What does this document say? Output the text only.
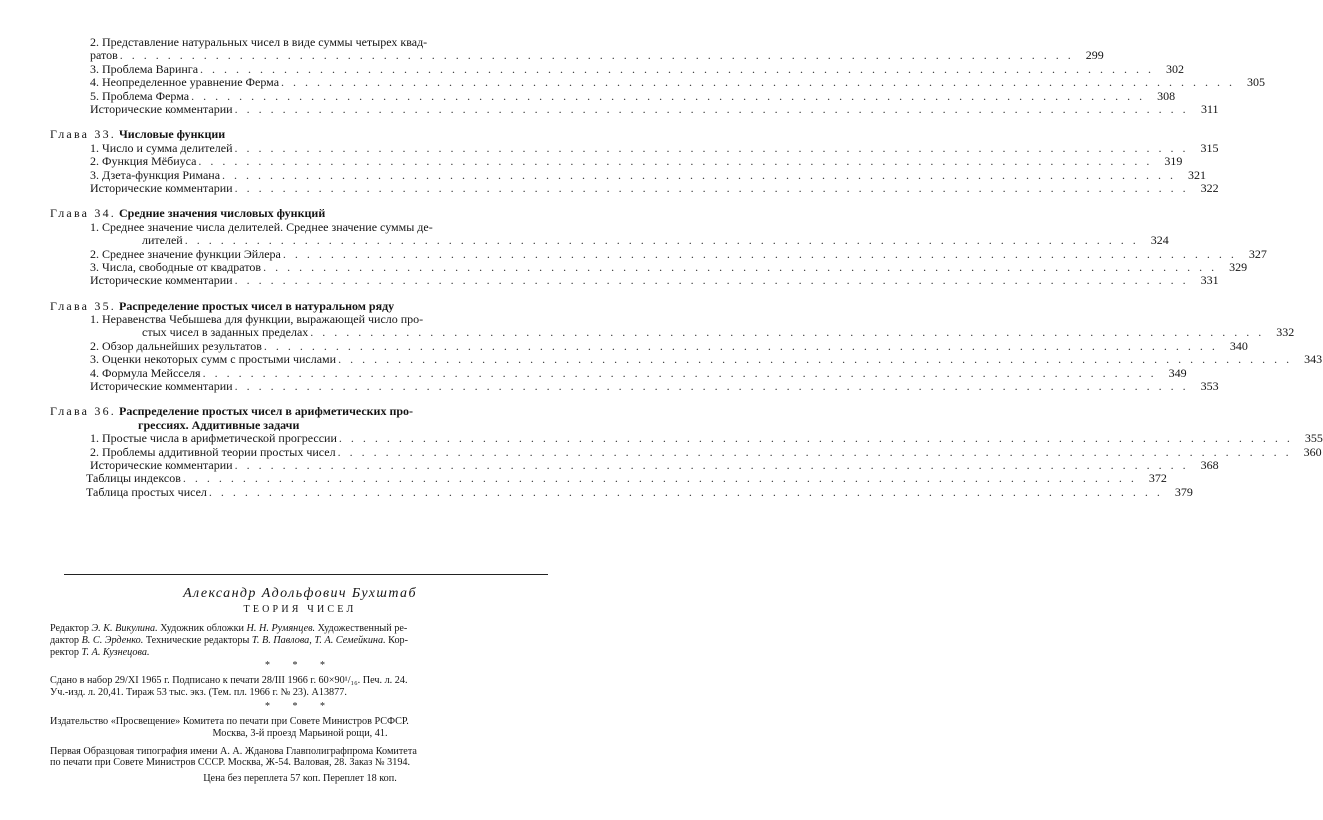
2. Представление натуральных чисел в виде суммы четырех квад-
ратов . . . . . . . . . . . . . . . . . . . . . . . . . . . . . . . . . . . . . . . . . . . . . . . . . . . . . . . . . . . . . . . . . . . . . . . . . . . . . . . .	299
3. Проблема Варинга . . . . . . . . . . . . . . . . . . . . . . . . . . . . . . . . . . . . . . . . . . . . . . . . . . . . . . . . . . . . . . . . . . . . . . . . . . . . . . . .	302
4. Неопределенное уравнение Ферма . . . . . . . . . . . . . . . . . . . . . . . . . . . . . . . . . . . . . . . . . . . . . . . . . . . . . . . . . . . . . . . . . . . . . . . . . . . . . . . .	305
5. Проблема Ферма . . . . . . . . . . . . . . . . . . . . . . . . . . . . . . . . . . . . . . . . . . . . . . . . . . . . . . . . . . . . . . . . . . . . . . . . . . . . . . . .	308
Исторические комментарии . . . . . . . . . . . . . . . . . . . . . . . . . . . . . . . . . . . . . . . . . . . . . . . . . . . . . . . . . . . . . . . . . . . . . . . . . . . . . . . .	311
Глава 33. Числовые функции
1. Число и сумма делителей . . . . . . . . . . . . . . . . . . . . . . . . . . . . . . . . . . . . . . . . . . . . . . . . . . . . . . . . . . . . . . . . . . . . . . . . . . . . . . . .	315
2. Функция Мёбиуса . . . . . . . . . . . . . . . . . . . . . . . . . . . . . . . . . . . . . . . . . . . . . . . . . . . . . . . . . . . . . . . . . . . . . . . . . . . . . . . .	319
3. Дзета-функция Римана . . . . . . . . . . . . . . . . . . . . . . . . . . . . . . . . . . . . . . . . . . . . . . . . . . . . . . . . . . . . . . . . . . . . . . . . . . . . . . . .	321
Исторические комментарии . . . . . . . . . . . . . . . . . . . . . . . . . . . . . . . . . . . . . . . . . . . . . . . . . . . . . . . . . . . . . . . . . . . . . . . . . . . . . . . .	322
Глава 34. Средние значения числовых функций
1. Среднее значение числа делителей. Среднее значение суммы де-
лителей . . . . . . . . . . . . . . . . . . . . . . . . . . . . . . . . . . . . . . . . . . . . . . . . . . . . . . . . . . . . . . . . . . . . . . . . . . . . . . . .	324
2. Среднее значение функции Эйлера . . . . . . . . . . . . . . . . . . . . . . . . . . . . . . . . . . . . . . . . . . . . . . . . . . . . . . . . . . . . . . . . . . . . . . . . . . . . . . . .	327
3. Числа, свободные от квадратов . . . . . . . . . . . . . . . . . . . . . . . . . . . . . . . . . . . . . . . . . . . . . . . . . . . . . . . . . . . . . . . . . . . . . . . . . . . . . . . .	329
Исторические комментарии . . . . . . . . . . . . . . . . . . . . . . . . . . . . . . . . . . . . . . . . . . . . . . . . . . . . . . . . . . . . . . . . . . . . . . . . . . . . . . . .	331
Глава 35. Распределение простых чисел в натуральном ряду
1. Неравенства Чебышева для функции, выражающей число про-
стых чисел в заданных пределах . . . . . . . . . . . . . . . . . . . . . . . . . . . . . . . . . . . . . . . . . . . . . . . . . . . . . . . . . . . . . . . . . . . . . . . . . . . . . . . .	332
2. Обзор дальнейших результатов . . . . . . . . . . . . . . . . . . . . . . . . . . . . . . . . . . . . . . . . . . . . . . . . . . . . . . . . . . . . . . . . . . . . . . . . . . . . . . . .	340
3. Оценки некоторых сумм с простыми числами . . . . . . . . . . . . . . . . . . . . . . . . . . . . . . . . . . . . . . . . . . . . . . . . . . . . . . . . . . . . . . . . . . . . . . . . . . . . . . . .	343
4. Формула Мейсселя . . . . . . . . . . . . . . . . . . . . . . . . . . . . . . . . . . . . . . . . . . . . . . . . . . . . . . . . . . . . . . . . . . . . . . . . . . . . . . . .	349
Исторические комментарии . . . . . . . . . . . . . . . . . . . . . . . . . . . . . . . . . . . . . . . . . . . . . . . . . . . . . . . . . . . . . . . . . . . . . . . . . . . . . . . .	353
Глава 36. Распределение простых чисел в арифметических про-
грессиях. Аддитивные задачи
1. Простые числа в арифметической прогрессии . . . . . . . . . . . . . . . . . . . . . . . . . . . . . . . . . . . . . . . . . . . . . . . . . . . . . . . . . . . . . . . . . . . . . . . . . . . . . . . .	355
2. Проблемы аддитивной теории простых чисел . . . . . . . . . . . . . . . . . . . . . . . . . . . . . . . . . . . . . . . . . . . . . . . . . . . . . . . . . . . . . . . . . . . . . . . . . . . . . . . .	360
Исторические комментарии . . . . . . . . . . . . . . . . . . . . . . . . . . . . . . . . . . . . . . . . . . . . . . . . . . . . . . . . . . . . . . . . . . . . . . . . . . . . . . . .	368
Таблицы индексов . . . . . . . . . . . . . . . . . . . . . . . . . . . . . . . . . . . . . . . . . . . . . . . . . . . . . . . . . . . . . . . . . . . . . . . . . . . . . . . .	372
Таблица простых чисел . . . . . . . . . . . . . . . . . . . . . . . . . . . . . . . . . . . . . . . . . . . . . . . . . . . . . . . . . . . . . . . . . . . . . . . . . . . . . . . .	379
Александр Адольфович Бухштаб
ТЕОРИЯ ЧИСЕЛ
Редактор Э. К. Викулина. Художник обложки Н. Н. Румянцев. Художественный ре-
дактор В. С. Эрденко. Технические редакторы Т. В. Павлова, Т. А. Семейкина. Кор-
ректор Т. А. Кузнецова.
* * *
Сдано в набор 29/XI 1965 г. Подписано к печати 28/III 1966 г. 60×90¹/₁₆. Печ. л. 24.
Уч.-изд. л. 20,41. Тираж 53 тыс. экз. (Тем. пл. 1966 г. № 23). А13877.
* * *
Издательство «Просвещение» Комитета по печати при Совете Министров РСФСР.
Москва, 3-й проезд Марьиной рощи, 41.
Первая Образцовая типография имени А. А. Жданова Главполиграфпрома Комитета
по печати при Совете Министров СССР. Москва, Ж-54. Валовая, 28. Заказ № 3194.
Цена без переплета 57 коп. Переплет 18 коп.
